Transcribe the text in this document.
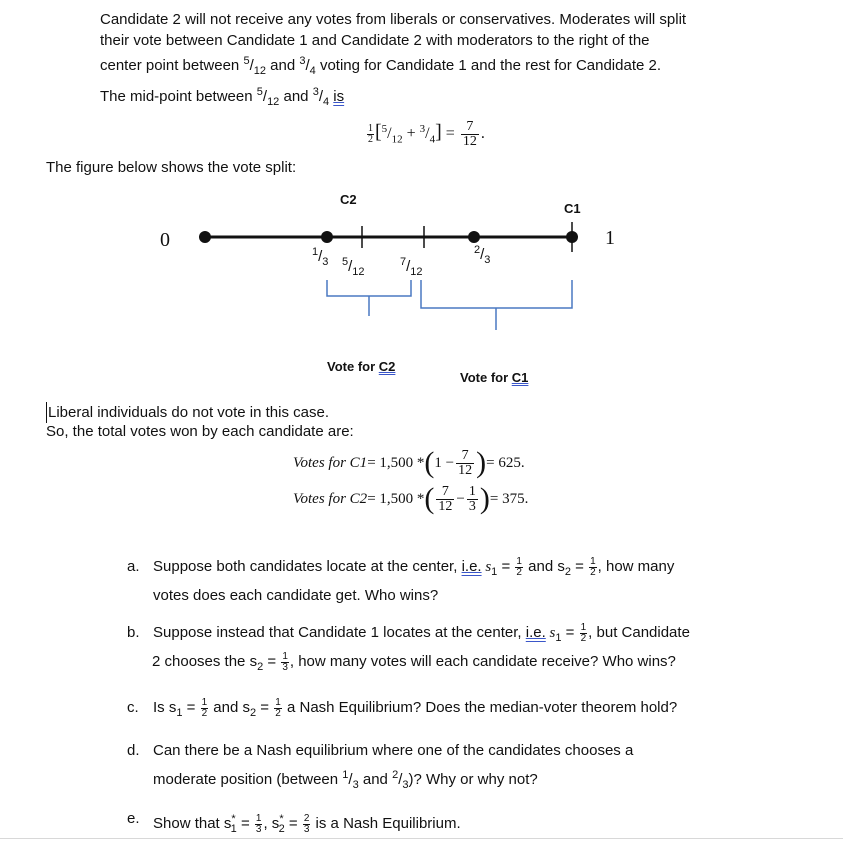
Candidate 2 will not receive any votes from liberals or conservatives. Moderates will split
their vote between Candidate 1 and Candidate 2 with moderators to the right of the
center point between $^5/_{12}$ and $^3/_4$ voting for Candidate 1 and the rest for Candidate 2.
The mid-point between $^5/_{12}$ and $^3/_4$ is
$\frac{1}{2} [^5/_{12} + ^3/_4] = \frac{7}{12}$ .
The figure below shows the vote split:
0	1
C2
C1
$^1/_3$ $^5/_{12}$
$^7/_{12}$
$^2/_3$
Vote for C2
Vote for C1
Liberal individuals do not vote in this case.
So, the total votes won by each candidate are:
Votes for C1 = 1,500 * ( $1 - \frac{7}{12}$ ) = 625.
Votes for C2 = 1,500 * ( 7
$12 - \frac{1}{3}$ ) = 375.
a. Suppose both candidates locate at the center, i.e. $s_1 = \frac{1}{2}$ and $s_2 = \frac{1}{2}$ , how many
votes does each candidate get. Who wins?
b. Suppose instead that Candidate 1 locates at the center, i.e. $s_1 = \frac{1}{2}$ , but Candidate
2 chooses the $s_2 = \frac{1}{3}$ , how many votes will each candidate receive? Who wins?
c. Is $s_1 = \frac{1}{2}$ and $s_2 = \frac{1}{2}$ a Nash Equilibrium? Does the median-voter theorem hold?
d. Can there be a Nash equilibrium where one of the candidates chooses a
moderate position (between $^1/_3$ and $^2/_3$)? Why or why not?
e. Show that $s^*_1 = \frac{1}{3}$ , $s^*_2 = \frac{2}{3}$ is a Nash Equilibrium.
